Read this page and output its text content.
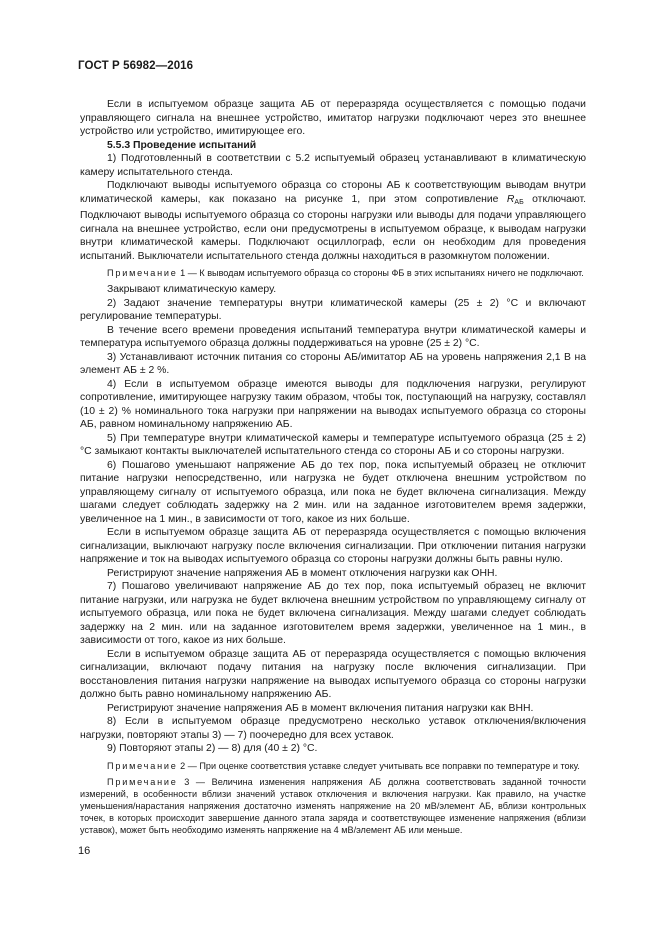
ГОСТ Р 56982—2016

Если в испытуемом образце защита АБ от переразряда осуществляется с помощью подачи управляющего сигнала на внешнее устройство, имитатор нагрузки подключают через это внешнее устройство или устройство, имитирующее его.

5.5.3 Проведение испытаний

1) Подготовленный в соответствии с 5.2 испытуемый образец устанавливают в климатическую камеру испытательного стенда.

Подключают выводы испытуемого образца со стороны АБ к соответствующим выводам внутри климатической камеры, как показано на рисунке 1, при этом сопротивление $R_{АБ}$ отключают. Подключают выводы испытуемого образца со стороны нагрузки или выводы для подачи управляющего сигнала на внешнее устройство, если они предусмотрены в испытуемом образце, к выводам нагрузки внутри климатической камеры. Подключают осциллограф, если он необходим для проведения испытаний. Выключатели испытательного стенда должны находиться в разомкнутом положении.

Примечание 1 — К выводам испытуемого образца со стороны ФБ в этих испытаниях ничего не подключают.

Закрывают климатическую камеру.

2) Задают значение температуры внутри климатической камеры (25 ± 2) °С и включают регулирование температуры.

В течение всего времени проведения испытаний температура внутри климатической камеры и температура испытуемого образца должны поддерживаться на уровне (25 ± 2) °С.

3) Устанавливают источник питания со стороны АБ/имитатор АБ на уровень напряжения 2,1 В на элемент АБ ± 2 %.

4) Если в испытуемом образце имеются выводы для подключения нагрузки, регулируют сопротивление, имитирующее нагрузку таким образом, чтобы ток, поступающий на нагрузку, составлял (10 ± 2) % номинального тока нагрузки при напряжении на выводах испытуемого образца со стороны АБ, равном номинальному напряжению АБ.

5) При температуре внутри климатической камеры и температуре испытуемого образца (25 ± 2) °С замыкают контакты выключателей испытательного стенда со стороны АБ и со стороны нагрузки.

6) Пошагово уменьшают напряжение АБ до тех пор, пока испытуемый образец не отключит питание нагрузки непосредственно, или нагрузка не будет отключена внешним устройством по управляющему сигналу от испытуемого образца, или пока не будет включена сигнализация. Между шагами следует соблюдать задержку на 2 мин. или на заданное изготовителем время задержки, увеличенное на 1 мин., в зависимости от того, какое из них больше.

Если в испытуемом образце защита АБ от переразряда осуществляется с помощью включения сигнализации, выключают нагрузку после включения сигнализации. При отключении питания нагрузки напряжение и ток на выводах испытуемого образца со стороны нагрузки должны быть равны нулю.

Регистрируют значение напряжения АБ в момент отключения нагрузки как ОНН.

7) Пошагово увеличивают напряжение АБ до тех пор, пока испытуемый образец не включит питание нагрузки, или нагрузка не будет включена внешним устройством по управляющему сигналу от испытуемого образца, или пока не будет включена сигнализация. Между шагами следует соблюдать задержку на 2 мин. или на заданное изготовителем время задержки, увеличенное на 1 мин., в зависимости от того, какое из них больше.

Если в испытуемом образце защита АБ от переразряда осуществляется с помощью включения сигнализации, включают подачу питания на нагрузку после включения сигнализации. При восстановления питания нагрузки напряжение на выводах испытуемого образца со стороны нагрузки должно быть равно номинальному напряжению АБ.

Регистрируют значение напряжения АБ в момент включения питания нагрузки как ВНН.

8) Если в испытуемом образце предусмотрено несколько уставок отключения/включения нагрузки, повторяют этапы 3) — 7) поочередно для всех уставок.

9) Повторяют этапы 2) — 8) для (40 ± 2) °С.

Примечание 2 — При оценке соответствия уставке следует учитывать все поправки по температуре и току.

Примечание 3 — Величина изменения напряжения АБ должна соответствовать заданной точности измерений, в особенности вблизи значений уставок отключения и включения нагрузки. Как правило, на участке уменьшения/нарастания напряжения достаточно изменять напряжение на 20 мВ/элемент АБ, вблизи контрольных точек, в которых происходит завершение данного этапа заряда и соответствующее изменение напряжения (вблизи уставок), может быть необходимо изменять напряжение на 4 мВ/элемент АБ или меньше.

16
